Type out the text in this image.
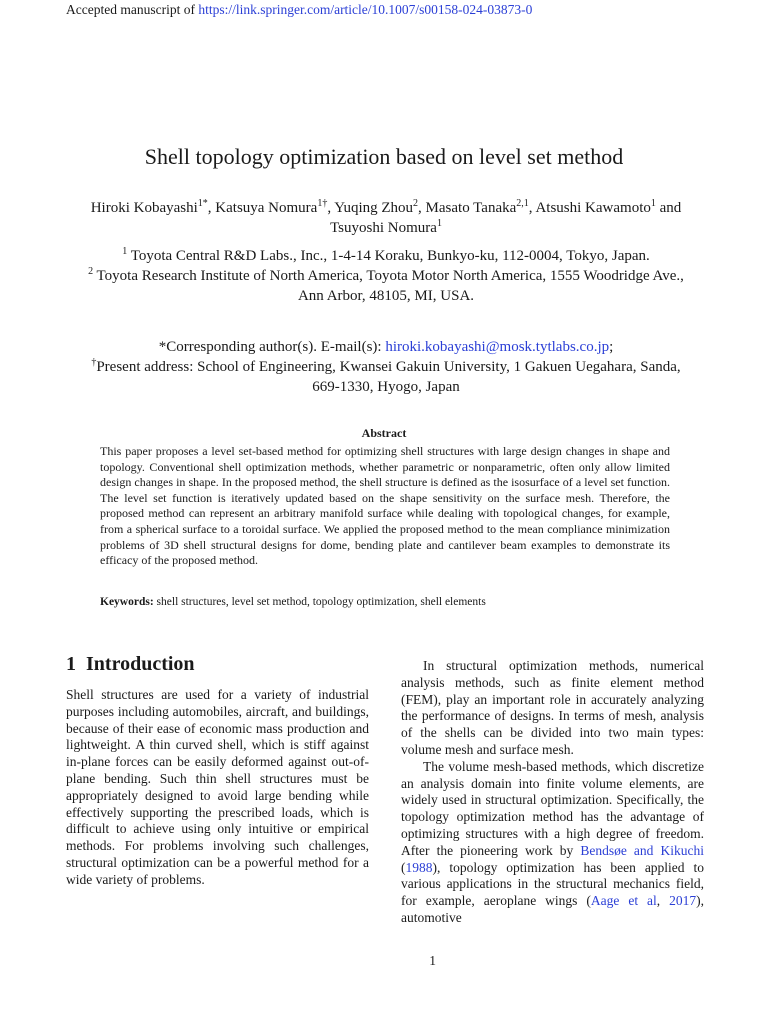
Accepted manuscript of https://link.springer.com/article/10.1007/s00158-024-03873-0
Shell topology optimization based on level set method
Hiroki Kobayashi$^{1*}$, Katsuya Nomura$^{1\dagger}$, Yuqing Zhou$^2$, Masato Tanaka$^{2,1}$, Atsushi Kawamoto$^1$ and Tsuyoshi Nomura$^1$
$^1$ Toyota Central R&D Labs., Inc., 1-4-14 Koraku, Bunkyo-ku, 112-0004, Tokyo, Japan.
$^2$ Toyota Research Institute of North America, Toyota Motor North America, 1555 Woodridge Ave., Ann Arbor, 48105, MI, USA.
*Corresponding author(s). E-mail(s): hiroki.kobayashi@mosk.tytlabs.co.jp;
†Present address: School of Engineering, Kwansei Gakuin University, 1 Gakuen Uegahara, Sanda, 669-1330, Hyogo, Japan
Abstract
This paper proposes a level set-based method for optimizing shell structures with large design changes in shape and topology. Conventional shell optimization methods, whether parametric or nonparametric, often only allow limited design changes in shape. In the proposed method, the shell structure is defined as the isosurface of a level set function. The level set function is iteratively updated based on the shape sensitivity on the surface mesh. Therefore, the proposed method can represent an arbitrary manifold surface while dealing with topological changes, for example, from a spherical surface to a toroidal surface. We applied the proposed method to the mean compliance minimization problems of 3D shell structural designs for dome, bending plate and cantilever beam examples to demonstrate its efficacy of the proposed method.
Keywords: shell structures, level set method, topology optimization, shell elements
1 Introduction

Shell structures are used for a variety of industrial purposes including automobiles, aircraft, and buildings, because of their ease of economic mass production and lightweight. A thin curved shell, which is stiff against in-plane forces can be easily deformed against out-of-plane bending. Such thin shell structures must be appropriately designed to avoid large bending while effectively supporting the prescribed loads, which is difficult to achieve using only intuitive or empirical methods. For problems involving such challenges, structural optimization can be a powerful method for a wide variety of problems.

In structural optimization methods, numerical analysis methods, such as finite element method (FEM), play an important role in accurately analyzing the performance of designs. In terms of mesh, analysis of the shells can be divided into two main types: volume mesh and surface mesh.

The volume mesh-based methods, which discretize an analysis domain into finite volume elements, are widely used in structural optimization. Specifically, the topology optimization method has the advantage of optimizing structures with a high degree of freedom. After the pioneering work by Bendsøe and Kikuchi (1988), topology optimization has been applied to various applications in the structural mechanics field, for example, aeroplane wings (Aage et al, 2017), automotive

1
